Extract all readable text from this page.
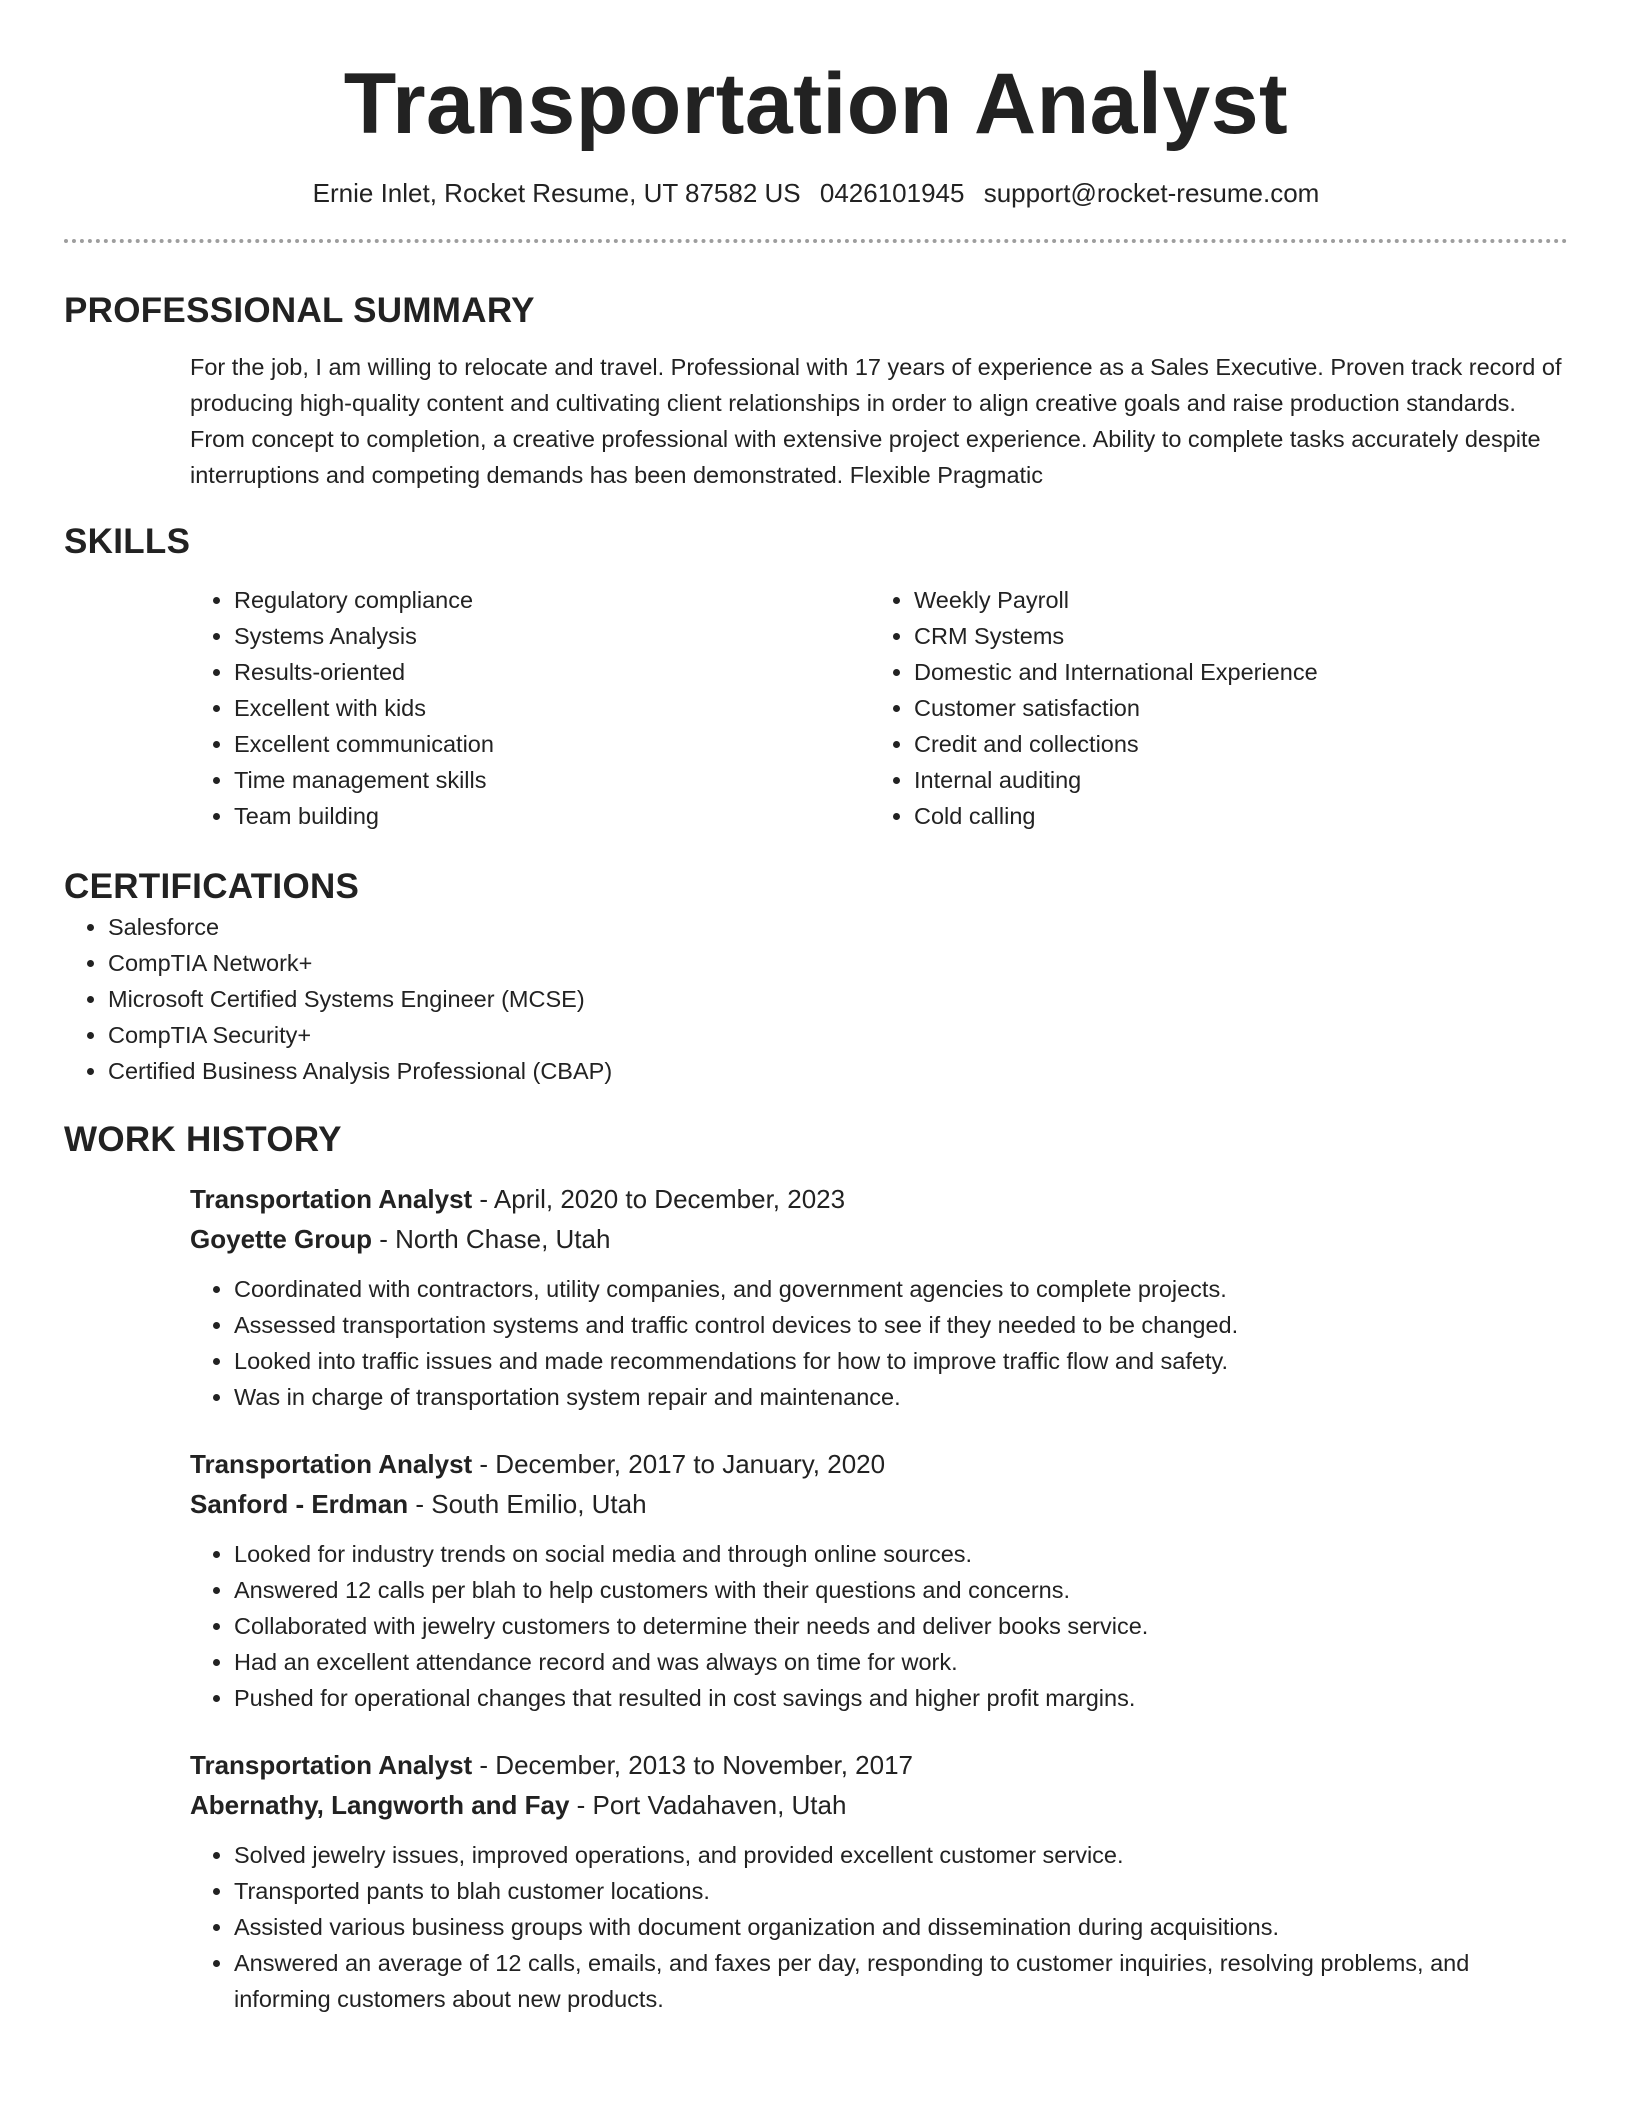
Transportation Analyst
Ernie Inlet, Rocket Resume, UT 87582 US 0426101945 support@rocket-resume.com
PROFESSIONAL SUMMARY

For the job, I am willing to relocate and travel. Professional with 17 years of experience as a Sales Executive. Proven track record of producing high-quality content and cultivating client relationships in order to align creative goals and raise production standards. From concept to completion, a creative professional with extensive project experience. Ability to complete tasks accurately despite interruptions and competing demands has been demonstrated. Flexible Pragmatic

SKILLS
• Regulatory compliance
• Systems Analysis
• Results-oriented
• Excellent with kids
• Excellent communication
• Time management skills
• Team building
• Weekly Payroll
• CRM Systems
• Domestic and International Experience
• Customer satisfaction
• Credit and collections
• Internal auditing
• Cold calling
CERTIFICATIONS
• Salesforce
• CompTIA Network+
• Microsoft Certified Systems Engineer (MCSE)
• CompTIA Security+
• Certified Business Analysis Professional (CBAP)
WORK HISTORY
Transportation Analyst - April, 2020 to December, 2023
Goyette Group - North Chase, Utah
• Coordinated with contractors, utility companies, and government agencies to complete projects.
• Assessed transportation systems and traffic control devices to see if they needed to be changed.
• Looked into traffic issues and made recommendations for how to improve traffic flow and safety.
• Was in charge of transportation system repair and maintenance.
Transportation Analyst - December, 2017 to January, 2020
Sanford - Erdman - South Emilio, Utah
• Looked for industry trends on social media and through online sources.
• Answered 12 calls per blah to help customers with their questions and concerns.
• Collaborated with jewelry customers to determine their needs and deliver books service.
• Had an excellent attendance record and was always on time for work.
• Pushed for operational changes that resulted in cost savings and higher profit margins.
Transportation Analyst - December, 2013 to November, 2017
Abernathy, Langworth and Fay - Port Vadahaven, Utah
• Solved jewelry issues, improved operations, and provided excellent customer service.
• Transported pants to blah customer locations.
• Assisted various business groups with document organization and dissemination during acquisitions.
• Answered an average of 12 calls, emails, and faxes per day, responding to customer inquiries, resolving problems, and informing customers about new products.
